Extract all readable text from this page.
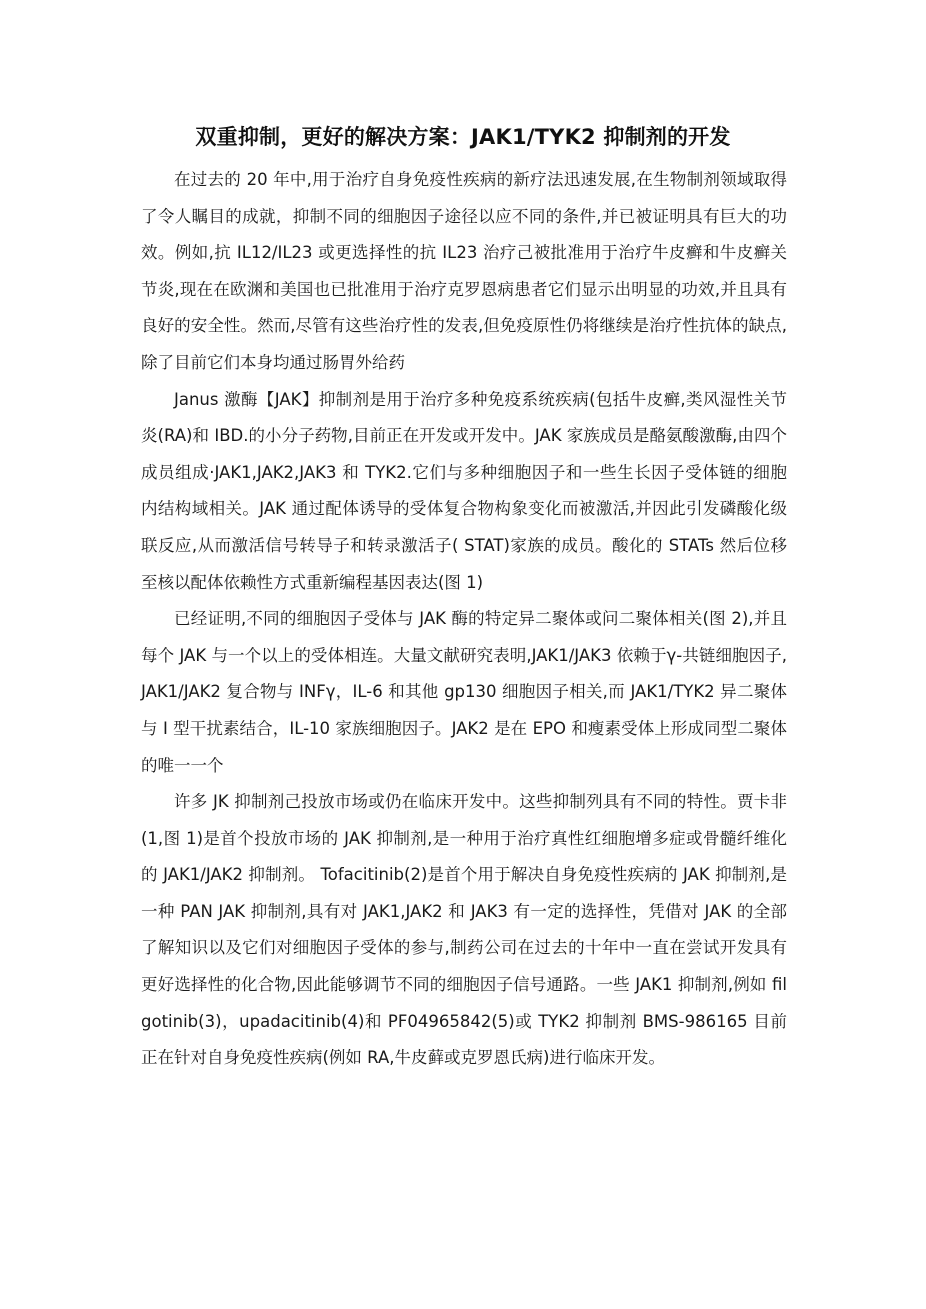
双重抑制，更好的解决方案：JAK1/TYK2 抑制剂的开发

在过去的 20 年中,用于治疗自身免疫性疾病的新疗法迅速发展,在生物制剂领域取得了令人瞩目的成就，抑制不同的细胞因子途径以应不同的条件,并已被证明具有巨大的功效。例如,抗 IL12/IL23 或更选择性的抗 IL23 治疗己被批准用于治疗牛皮癣和牛皮癣关节炎,现在在欧渊和美国也已批准用于治疗克罗恩病患者它们显示出明显的功效,并且具有良好的安全性。然而,尽管有这些治疗性的发表,但免疫原性仍将继续是治疗性抗体的缺点,除了目前它们本身均通过肠胃外给药

Janus 激酶【JAK】抑制剂是用于治疗多种免疫系统疾病(包括牛皮癣,类风湿性关节炎(RA)和 IBD.的小分子药物,目前正在开发或开发中。JAK 家族成员是酪氨酸激酶,由四个成员组成·JAK1,JAK2,JAK3 和 TYK2.它们与多种细胞因子和一些生长因子受体链的细胞内结构域相关。JAK 通过配体诱导的受体复合物构象变化而被激活,并因此引发磷酸化级联反应,从而激活信号转导子和转录激活子( STAT)家族的成员。酸化的 STATs 然后位移至核以配体依赖性方式重新编程基因表达(图 1)

已经证明,不同的细胞因子受体与 JAK 酶的特定异二聚体或问二聚体相关(图 2),并且每个 JAK 与一个以上的受体相连。大量文献研究表明,JAK1/JAK3 依赖于γ-共链细胞因子,JAK1/JAK2 复合物与 INFγ，IL-6 和其他 gp130 细胞因子相关,而 JAK1/TYK2 异二聚体与 I 型干扰素结合，IL-10 家族细胞因子。JAK2 是在 EPO 和瘦素受体上形成同型二聚体的唯一一个

许多 JK 抑制剂己投放市场或仍在临床开发中。这些抑制列具有不同的特性。贾卡非(1,图 1)是首个投放市场的 JAK 抑制剂,是一种用于治疗真性红细胞增多症或骨髓纤维化的 JAK1/JAK2 抑制剂。 Tofacitinib(2)是首个用于解决自身免疫性疾病的 JAK 抑制剂,是一种 PAN JAK 抑制剂,具有对 JAK1,JAK2 和 JAK3 有一定的选择性，凭借对 JAK 的全部了解知识以及它们对细胞因子受体的参与,制药公司在过去的十年中一直在尝试开发具有更好选择性的化合物,因此能够调节不同的细胞因子信号通路。一些 JAK1 抑制剂,例如 filgotinib(3)，upadacitinib(4)和 PF04965842(5)或 TYK2 抑制剂 BMS-986165 目前正在针对自身免疫性疾病(例如 RA,牛皮藓或克罗恩氏病)进行临床开发。
